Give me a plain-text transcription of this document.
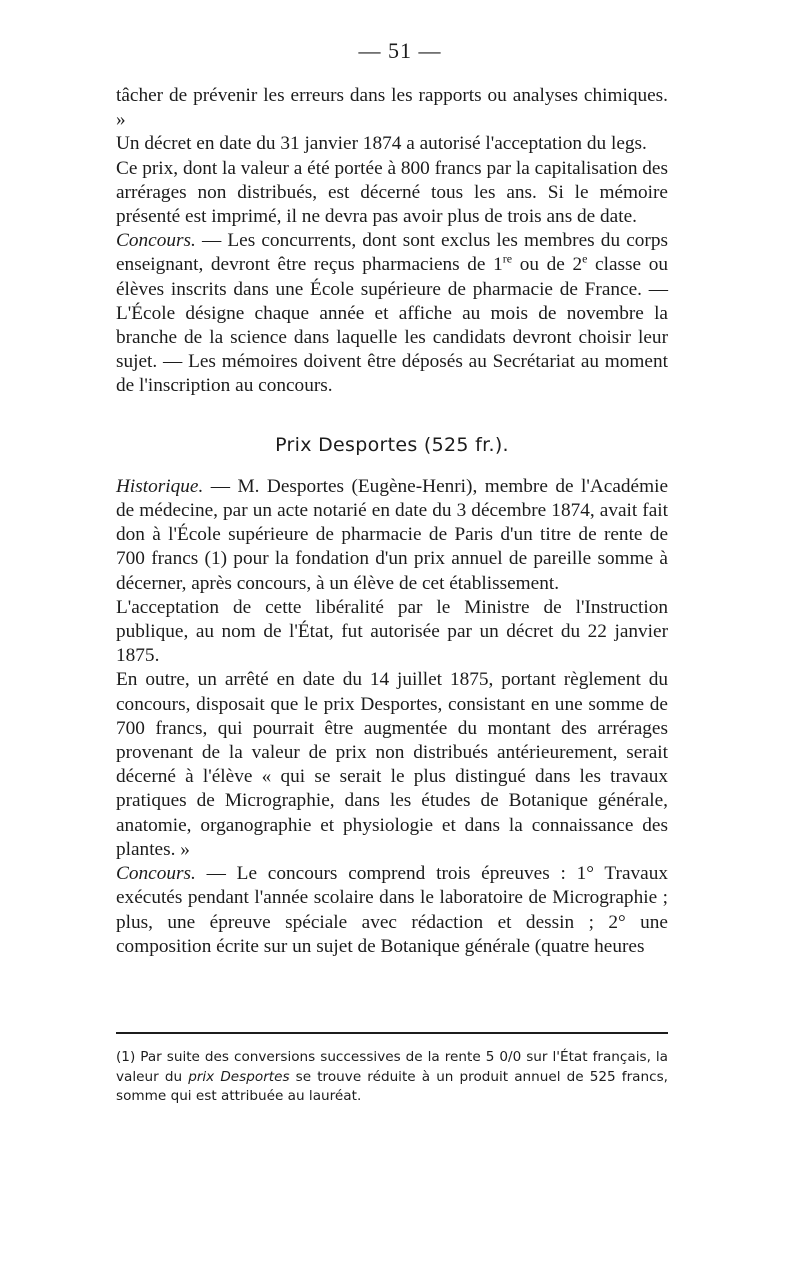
— 51 —

tâcher de prévenir les erreurs dans les rapports ou analyses chimiques. »

Un décret en date du 31 janvier 1874 a autorisé l'acceptation du legs.

Ce prix, dont la valeur a été portée à 800 francs par la capitalisation des arrérages non distribués, est décerné tous les ans. Si le mémoire présenté est imprimé, il ne devra pas avoir plus de trois ans de date.

Concours. — Les concurrents, dont sont exclus les membres du corps enseignant, devront être reçus pharmaciens de 1re ou de 2e classe ou élèves inscrits dans une École supérieure de pharmacie de France. — L'École désigne chaque année et affiche au mois de novembre la branche de la science dans laquelle les candidats devront choisir leur sujet. — Les mémoires doivent être déposés au Secrétariat au moment de l'inscription au concours.

Prix Desportes (525 fr.).

Historique. — M. Desportes (Eugène-Henri), membre de l'Académie de médecine, par un acte notarié en date du 3 décembre 1874, avait fait don à l'École supérieure de pharmacie de Paris d'un titre de rente de 700 francs (1) pour la fondation d'un prix annuel de pareille somme à décerner, après concours, à un élève de cet établissement.

L'acceptation de cette libéralité par le Ministre de l'Instruction publique, au nom de l'État, fut autorisée par un décret du 22 janvier 1875.

En outre, un arrêté en date du 14 juillet 1875, portant règlement du concours, disposait que le prix Desportes, consistant en une somme de 700 francs, qui pourrait être augmentée du montant des arrérages provenant de la valeur de prix non distribués antérieurement, serait décerné à l'élève « qui se serait le plus distingué dans les travaux pratiques de Micrographie, dans les études de Botanique générale, anatomie, organographie et physiologie et dans la connaissance des plantes. »

Concours. — Le concours comprend trois épreuves : 1° Travaux exécutés pendant l'année scolaire dans le laboratoire de Micrographie ; plus, une épreuve spéciale avec rédaction et dessin ; 2° une composition écrite sur un sujet de Botanique générale (quatre heures

(1) Par suite des conversions successives de la rente 5 0/0 sur l'État français, la valeur du prix Desportes se trouve réduite à un produit annuel de 525 francs, somme qui est attribuée au lauréat.
